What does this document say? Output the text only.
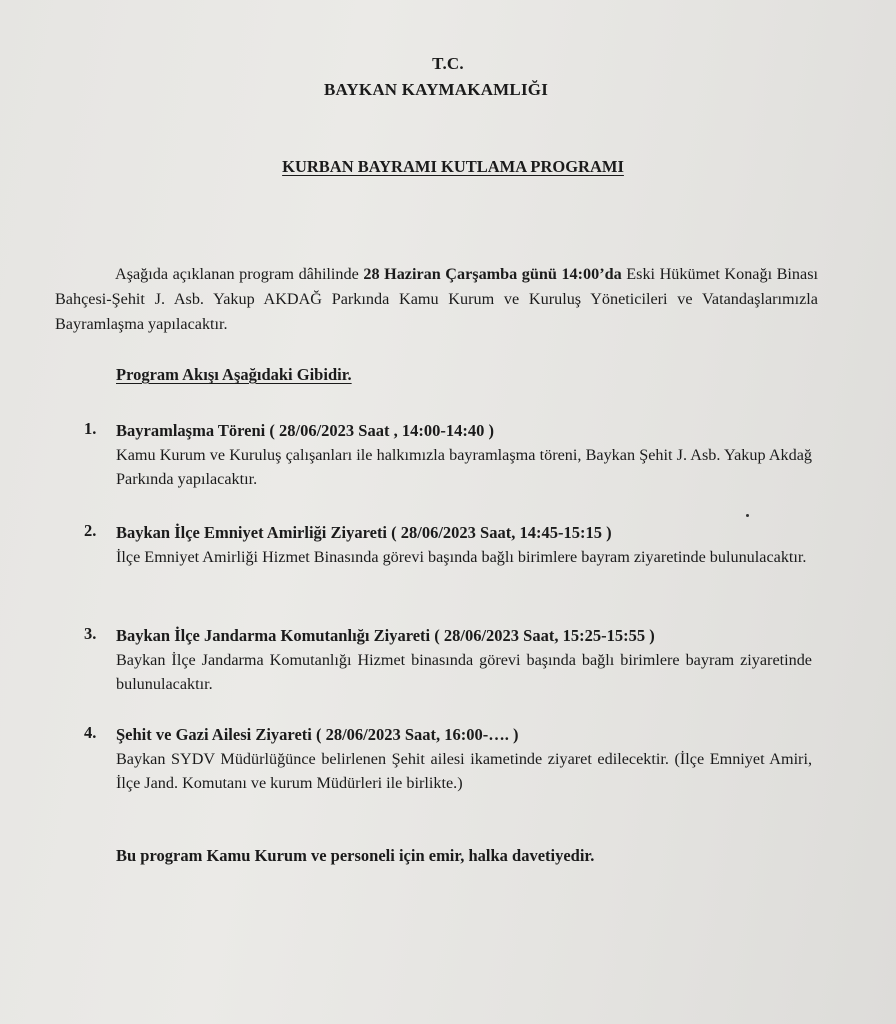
T.C.
BAYKAN KAYMAKAMLIĞI
KURBAN BAYRAMI KUTLAMA PROGRAMI
Aşağıda açıklanan program dâhilinde 28 Haziran Çarşamba günü 14:00’da Eski Hükümet Konağı Binası Bahçesi-Şehit J. Asb. Yakup AKDAĞ Parkında Kamu Kurum ve Kuruluş Yöneticileri ve Vatandaşlarımızla Bayramlaşma yapılacaktır.
Program Akışı Aşağıdaki Gibidir.
1. Bayramlaşma Töreni ( 28/06/2023 Saat , 14:00-14:40 )
Kamu Kurum ve Kuruluş çalışanları ile halkımızla bayramlaşma töreni, Baykan Şehit J. Asb. Yakup Akdağ Parkında yapılacaktır.
2. Baykan İlçe Emniyet Amirliği Ziyareti ( 28/06/2023 Saat, 14:45-15:15 )
İlçe Emniyet Amirliği Hizmet Binasında görevi başında bağlı birimlere bayram ziyaretinde bulunulacaktır.
3. Baykan İlçe Jandarma Komutanlığı Ziyareti ( 28/06/2023 Saat, 15:25-15:55 )
Baykan İlçe Jandarma Komutanlığı Hizmet binasında görevi başında bağlı birimlere bayram ziyaretinde bulunulacaktır.
4. Şehit ve Gazi Ailesi Ziyareti ( 28/06/2023 Saat, 16:00-…. )
Baykan SYDV Müdürlüğünce belirlenen Şehit ailesi ikametinde ziyaret edilecektir. (İlçe Emniyet Amiri, İlçe Jand. Komutanı ve kurum Müdürleri ile birlikte.)
Bu program Kamu Kurum ve personeli için emir, halka davetiyedir.
